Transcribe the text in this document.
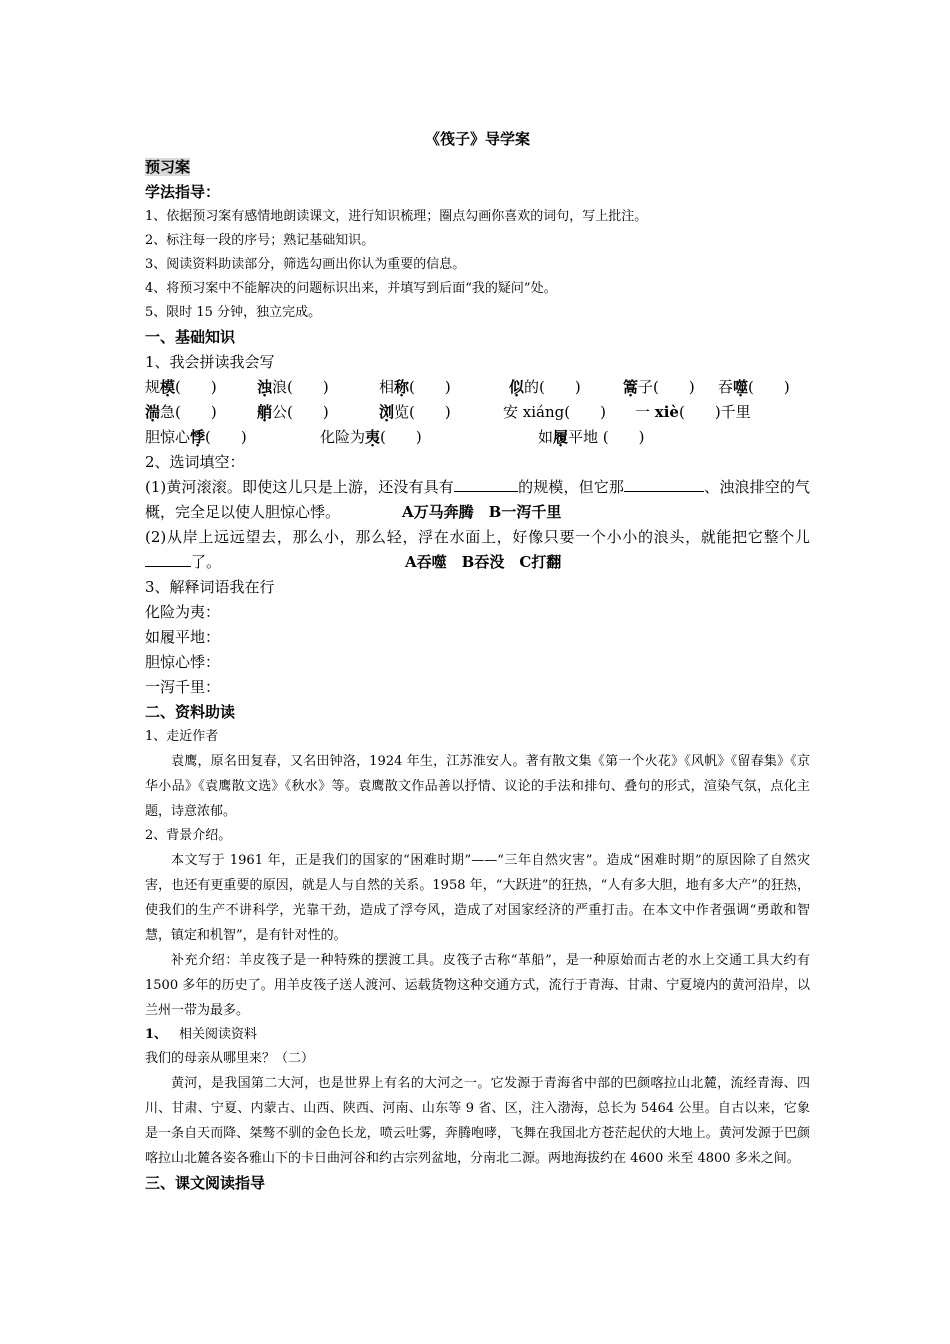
《筏子》导学案
预习案
学法指导：
1、依据预习案有感情地朗读课文，进行知识梳理；圈点勾画你喜欢的词句，写上批注。
2、标注每一段的序号；熟记基础知识。
3、阅读资料助读部分，筛选勾画出你认为重要的信息。
4、将预习案中不能解决的问题标识出来，并填写到后面“我的疑问”处。
5、限时 15 分钟，独立完成。
一、基础知识
1、我会拼读我会写
规模(　　)	浊浪(　　)	相称(　　)	似的(　　)	篙子(　　)	吞噬(　　)
湍急(　　)	艄公(　　)	浏览(　　)	安 xiáng(　　)	一 xiè(　　)千里
胆惊心悸(　　)	化险为夷(　　)	如履平地 (　　)
2、选词填空：
(1)黄河滚滚。即使这儿只是上游，还没有具有	的规模，但它那	、浊浪排空的气概，完全足以使人胆惊心悸。	A万马奔腾　B一泻千里
(2)从岸上远远望去，那么小，那么轻，浮在水面上，好像只要一个小小的浪头，就能把它整个儿了。	A吞噬　B吞没　C打翻
3、解释词语我在行
化险为夷：
如履平地：
胆惊心悸：
一泻千里：
二、资料助读
1、走近作者
袁鹰，原名田复春，又名田钟洛，1924 年生，江苏淮安人。著有散文集《第一个火花》《风帆》《留春集》《京华小品》《袁鹰散文选》《秋水》等。袁鹰散文作品善以抒情、议论的手法和排句、叠句的形式，渲染气氛，点化主题，诗意浓郁。
2、背景介绍。
本文写于 1961 年，正是我们的国家的“困难时期”——“三年自然灾害”。造成“困难时期”的原因除了自然灾害，也还有更重要的原因，就是人与自然的关系。1958 年，“大跃进”的狂热，“人有多大胆，地有多大产”的狂热，使我们的生产不讲科学，光靠干劲，造成了浮夸风，造成了对国家经济的严重打击。在本文中作者强调“勇敢和智慧，镇定和机智”，是有针对性的。
补充介绍：羊皮筏子是一种特殊的摆渡工具。皮筏子古称“革船”，是一种原始而古老的水上交通工具大约有 1500 多年的历史了。用羊皮筏子送人渡河、运载货物这种交通方式，流行于青海、甘肃、宁夏境内的黄河沿岸，以兰州一带为最多。
1、 相关阅读资料
我们的母亲从哪里来？（二）
黄河，是我国第二大河，也是世界上有名的大河之一。它发源于青海省中部的巴颜喀拉山北麓，流经青海、四川、甘肃、宁夏、内蒙古、山西、陕西、河南、山东等 9 省、区，注入渤海，总长为 5464 公里。自古以来，它象是一条自天而降、桀骜不驯的金色长龙，喷云吐雾，奔腾咆哮，飞舞在我国北方苍茫起伏的大地上。黄河发源于巴颜喀拉山北麓各姿各雅山下的卡日曲河谷和约古宗列盆地，分南北二源。两地海拔约在 4600 米至 4800 多米之间。
三、课文阅读指导
